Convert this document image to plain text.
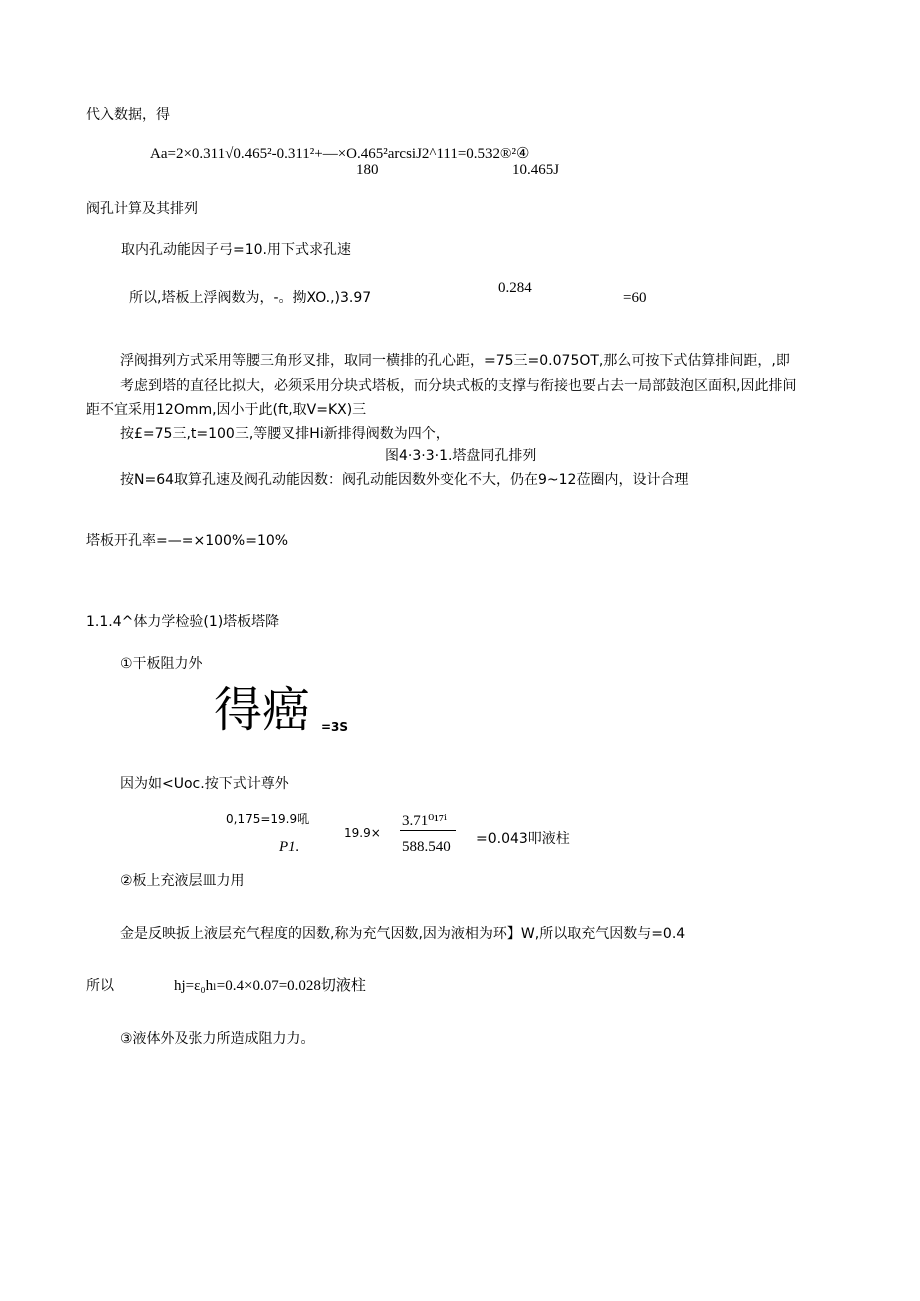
代入数据，得
Aa=2×0.311√0.465²-0.311²+—×O.465²arcsiJ2^111=0.532®²④
180	10.465J
阀孔计算及其排列
取内孔动能因子弓=10.用下式求孔速
0.284
所以,塔板上浮阀数为，-。拗XO.,)3.97	=60
浮阀揖列方式采用等腰三角形叉排，取同一横排的孔心距，=75三=0.075OT,那么可按下式估算排间距，,即
考虑到塔的直径比拟大，必须采用分块式塔板，而分块式板的支撑与衔接也要占去一局部鼓泡区面积,因此排间
距不宜采用12Omm,因小于此(ft,取V=KX)三
按£=75三,t=100三,等腰叉排Hi新排得阀数为四个，
图4·3·3·1.塔盘同孔排列
按N=64取算孔速及阀孔动能因数：阀孔动能因数外变化不大，仍在9~12莅圈内，设计合理
塔板开孔率=—=×100%=10%
1.1.4^体力学检验(1)塔板塔降
①干板阻力外
得癌 =3S
因为如<Uoc.按下式计尊外
0,175=19.9吼
P1.
19.9×
3.71⁰¹⁷ⁱ
588.540 =0.043叩液柱
②板上充液层皿力用
金是反映扳上液层充气程度的因数,称为充气因数,因为液相为环】W,所以取充气因数与=0.4
所以	hj=ε₀hₗ=0.4×0.07=0.028切液柱
③液体外及张力所造成阻力力。
